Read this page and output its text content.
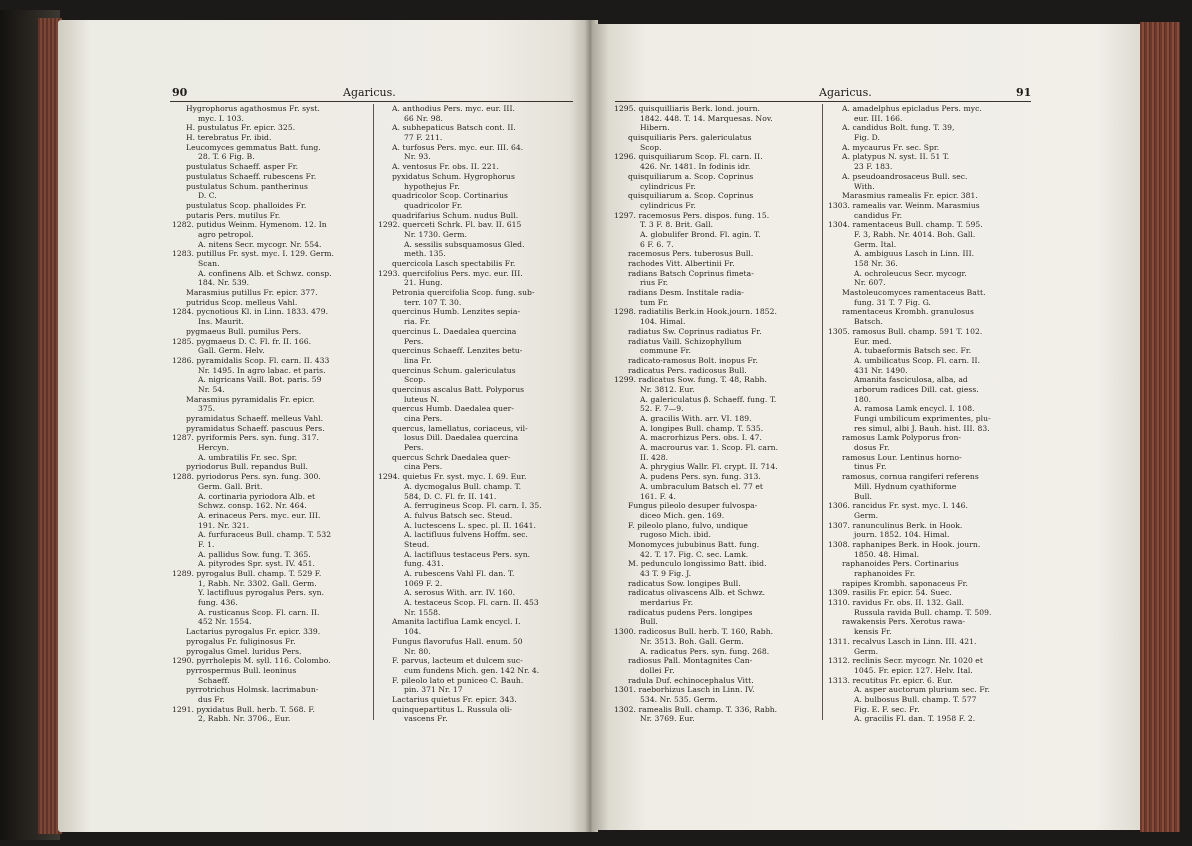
90	Agaricus.	Agaricus.	91
Hygrophorus agathosmus Fr. syst.
myc. I. 103.
H. pustulatus Fr. epicr. 325.
H. terebratus Fr. ibid.
Leucomyces gemmatus Batt. fung.
28. T. 6 Fig. B.
pustulatus Schaeff. asper Fr.
pustulatus Schaeff. rubescens Fr.
pustulatus Schum. pantherinus
D. C.
pustulatus Scop. phalloides Fr.
putaris Pers. mutilus Fr.
1282. putidus Weinm. Hymenom. 12. In
agro petropol.
A. nitens Secr. mycogr. Nr. 554.
1283. putillus Fr. syst. myc. I. 129. Germ.
Scan.
A. confinens Alb. et Schwz. consp.
184. Nr. 539.
Marasmius putillus Fr. epicr. 377.
putridus Scop. melleus Vahl.
1284. pycnotious Kl. in Linn. 1833. 479.
Ins. Maurit.
pygmaeus Bull. pumilus Pers.
1285. pygmaeus D. C. Fl. fr. II. 166.
Gall. Germ. Helv.
1286. pyramidalis Scop. Fl. carn. II. 433
Nr. 1495. In agro labac. et paris.
A. nigricans Vaill. Bot. paris. 59
Nr. 54.
Marasmius pyramidalis Fr. epicr.
375.
pyramidatus Schaeff. melleus Vahl.
pyramidatus Schaeff. pascuus Pers.
1287. pyriformis Pers. syn. fung. 317.
Hercyn.
A. umbratilis Fr. sec. Spr.
pyriodorus Bull. repandus Bull.
1288. pyriodorus Pers. syn. fung. 300.
Germ. Gall. Brit.
A. cortinaria pyriodora Alb. et
Schwz. consp. 162. Nr. 464.
A. erinaceus Pers. myc. eur. III.
191. Nr. 321.
A. furfuraceus Bull. champ. T. 532
F. 1.
A. pallidus Sow. fung. T. 365.
A. pityrodes Spr. syst. IV. 451.
1289. pyrogalus Bull. champ. T. 529 F.
1, Rabh. Nr. 3302. Gall. Germ.
Y. lactifluus pyrogalus Pers. syn.
fung. 436.
A. rusticanus Scop. Fl. carn. II.
452 Nr. 1554.
Lactarius pyrogalus Fr. epicr. 339.
pyrogalus Fr. fuliginosus Fr.
pyrogalus Gmel. luridus Pers.
1290. pyrrholepis M. syll. 116. Colombo.
pyrrospermus Bull. leoninus
Schaeff.
pyrrotrichus Holmsk. lacrimabun-
dus Fr.
1291. pyxidatus Bull. herb. T. 568. F.
2, Rabh. Nr. 3706., Eur.
A. anthodius Pers. myc. eur. III.
66 Nr. 98.
A. subhepaticus Batsch cont. II.
77 F. 211.
A. turfosus Pers. myc. eur. III. 64.
Nr. 93.
A. ventosus Fr. obs. II. 221.
pyxidatus Schum. Hygrophorus
hypothejus Fr.
quadricolor Scop. Cortinarius
quadricolor Fr.
quadrifarius Schum. nudus Bull.
1292. querceti Schrk. Fl. bav. II. 615
Nr. 1730. Germ.
A. sessilis subsquamosus Gled.
meth. 135.
quercicola Lasch spectabilis Fr.
1293. quercifolius Pers. myc. eur. III.
21. Hung.
Petronia quercifolia Scop. fung. sub-
terr. 107 T. 30.
quercinus Humb. Lenzites sepia-
ria. Fr.
quercinus L. Daedalea quercina
Pers.
quercinus Schaeff. Lenzites betu-
lina Fr.
quercinus Schum. galericulatus
Scop.
quercinus ascalus Batt. Polyporus
luteus N.
quercus Humb. Daedalea quer-
cina Pers.
quercus, lamellatus, coriaceus, vil-
losus Dill. Daedalea quercina
Pers.
quercus Schrk Daedalea quer-
cina Pers.
1294. quietus Fr. syst. myc. I. 69. Eur.
A. dycmogalus Bull. champ. T.
584, D. C. Fl. fr. II. 141.
A. ferrugineus Scop. Fl. carn. I. 35.
A. fulvus Batsch sec. Steud.
A. luctescens L. spec. pl. II. 1641.
A. lactifluus fulvens Hoffm. sec.
Steud.
A. lactifluus testaceus Pers. syn.
fung. 431.
A. rubescens Vahl Fl. dan. T.
1069 F. 2.
A. serosus With. arr. IV. 160.
A. testaceus Scop. Fl. carn. II. 453
Nr. 1558.
Amanita lactiflua Lamk encycl. I.
104.
Fungus flavorufus Hall. enum. 50
Nr. 80.
F. parvus, lacteum et dulcem suc-
cum fundens Mich. gen. 142 Nr. 4.
F. pileolo lato et puniceo C. Bauh.
pin. 371 Nr. 17
Lactarius quietus Fr. epicr. 343.
quinquepartitus L. Russula oli-
vascens Fr.
1295. quisquilliaris Berk. lond. journ.
1842. 448. T. 14. Marquesas. Nov.
Hibern.
quisquiliaris Pers. galericulatus
Scop.
1296. quisquiliarum Scop. Fl. carn. II.
426. Nr. 1481. In fodinis idr.
quisquiliarum a. Scop. Coprinus
cylindricus Fr.
quisquiliarum a. Scop. Coprinus
cylindricus Fr.
1297. racemosus Pers. dispos. fung. 15.
T. 3 F. 8. Brit. Gall.
A. globulifer Brond. Fl. agin. T.
6 F. 6. 7.
racemosus Pers. tuberosus Bull.
rachodes Vitt. Albertinii Fr.
radians Batsch Coprinus fimeta-
rius Fr.
radians Desm. Institale radia-
tum Fr.
1298. radiatilis Berk.in Hook.journ. 1852.
104. Himal.
radiatus Sw. Coprinus radiatus Fr.
radiatus Vaill. Schizophyllum
commune Fr.
radicato-ramosus Bolt. inopus Fr.
radicatus Pers. radicosus Bull.
1299. radicatus Sow. fung. T. 48, Rabh.
Nr. 3812. Eur.
A. galericulatus β. Schaeff. fung. T.
52. F. 7—9.
A. gracilis With. arr. VI. 189.
A. longipes Bull. champ. T. 535.
A. macrorhizus Pers. obs. I. 47.
A. macrourus var. 1. Scop. Fl. carn.
II. 428.
A. phrygius Wallr. Fl. crypt. II. 714.
A. pudens Pers. syn. fung. 313.
A. umbraculum Batsch el. 77 et
161. F. 4.
Fungus pileolo desuper fulvospa-
diceo Mich. gen. 169.
F. pileolo plano, fulvo, undique
rugoso Mich. ibid.
Monomyces jububinus Batt. fung.
42. T. 17. Fig. C. sec. Lamk.
M. pedunculo longissimo Batt. ibid.
43 T. 9 Fig. J.
radicatus Sow. longipes Bull.
radicatus olivascens Alb. et Schwz.
merdarius Fr.
radicatus pudens Pers. longipes
Bull.
1300. radicosus Bull. herb. T. 160, Rabh.
Nr. 3513. Boh. Gall. Germ.
A. radicatus Pers. syn. fung. 268.
radiosus Pall. Montagnites Can-
dollei Fr.
radula Duf. echinocephalus Vitt.
1301. raeborhizus Lasch in Linn. IV.
534. Nr. 535. Germ.
1302. ramealis Bull. champ. T. 336, Rabh.
Nr. 3769. Eur.
A. amadelphus epicladus Pers. myc.
eur. III. 166.
A. candidus Bolt. fung. T. 39,
Fig. D.
A. mycaurus Fr. sec. Spr.
A. platypus N. syst. II. 51 T.
23 F. 183.
A. pseudoandrosaceus Bull. sec.
With.
Marasmius ramealis Fr. epicr. 381.
1303. ramealis var. Weinm. Marasmius
candidus Fr.
1304. ramentaceus Bull. champ. T. 595.
F. 3, Rabh. Nr. 4014. Boh. Gall.
Germ. Ital.
A. ambiguus Lasch in Linn. III.
158 Nr. 36.
A. ochroleucus Secr. mycogr.
Nr. 607.
Mastoleucomyces ramentaceus Batt.
fung. 31 T. 7 Fig. G.
ramentaceus Krombh. granulosus
Batsch.
1305. ramosus Bull. champ. 591 T. 102.
Eur. med.
A. tubaeformis Batsch sec. Fr.
A. umbilicatus Scop. Fl. carn. II.
431 Nr. 1490.
Amanita fasciculosa, alba, ad
arborum radices Dill. cat. giess.
180.
A. ramosa Lamk encycl. I. 108.
Fungi umbilicum exprimentes, plu-
res simul, albi J. Bauh. hist. III. 83.
ramosus Lamk Polyporus fron-
dosus Fr.
ramosus Lour. Lentinus horno-
tinus Fr.
ramosus, cornua rangiferi referens
Mill. Hydnum cyathiforme
Bull.
1306. rancidus Fr. syst. myc. I. 146.
Germ.
1307. ranunculinus Berk. in Hook.
journ. 1852. 104. Himal.
1308. raphanipes Berk. in Hook. journ.
1850. 48. Himal.
raphanoides Pers. Cortinarius
raphanoides Fr.
rapipes Krombh. saponaceus Fr.
1309. rasilis Fr. epicr. 54. Suec.
1310. ravidus Fr. obs. II. 132. Gall.
Russula ravida Bull. champ. T. 509.
rawakensis Pers. Xerotus rawa-
kensis Fr.
1311. recalvus Lasch in Linn. III. 421.
Germ.
1312. reclinis Secr. mycogr. Nr. 1020 et
1045. Fr. epicr. 127. Helv. Ital.
1313. recutitus Fr. epicr. 6. Eur.
A. asper auctorum plurium sec. Fr.
A. bulbosus Bull. champ. T. 577
Fig. E. F. sec. Fr.
A. gracilis Fl. dan. T. 1958 F. 2.
